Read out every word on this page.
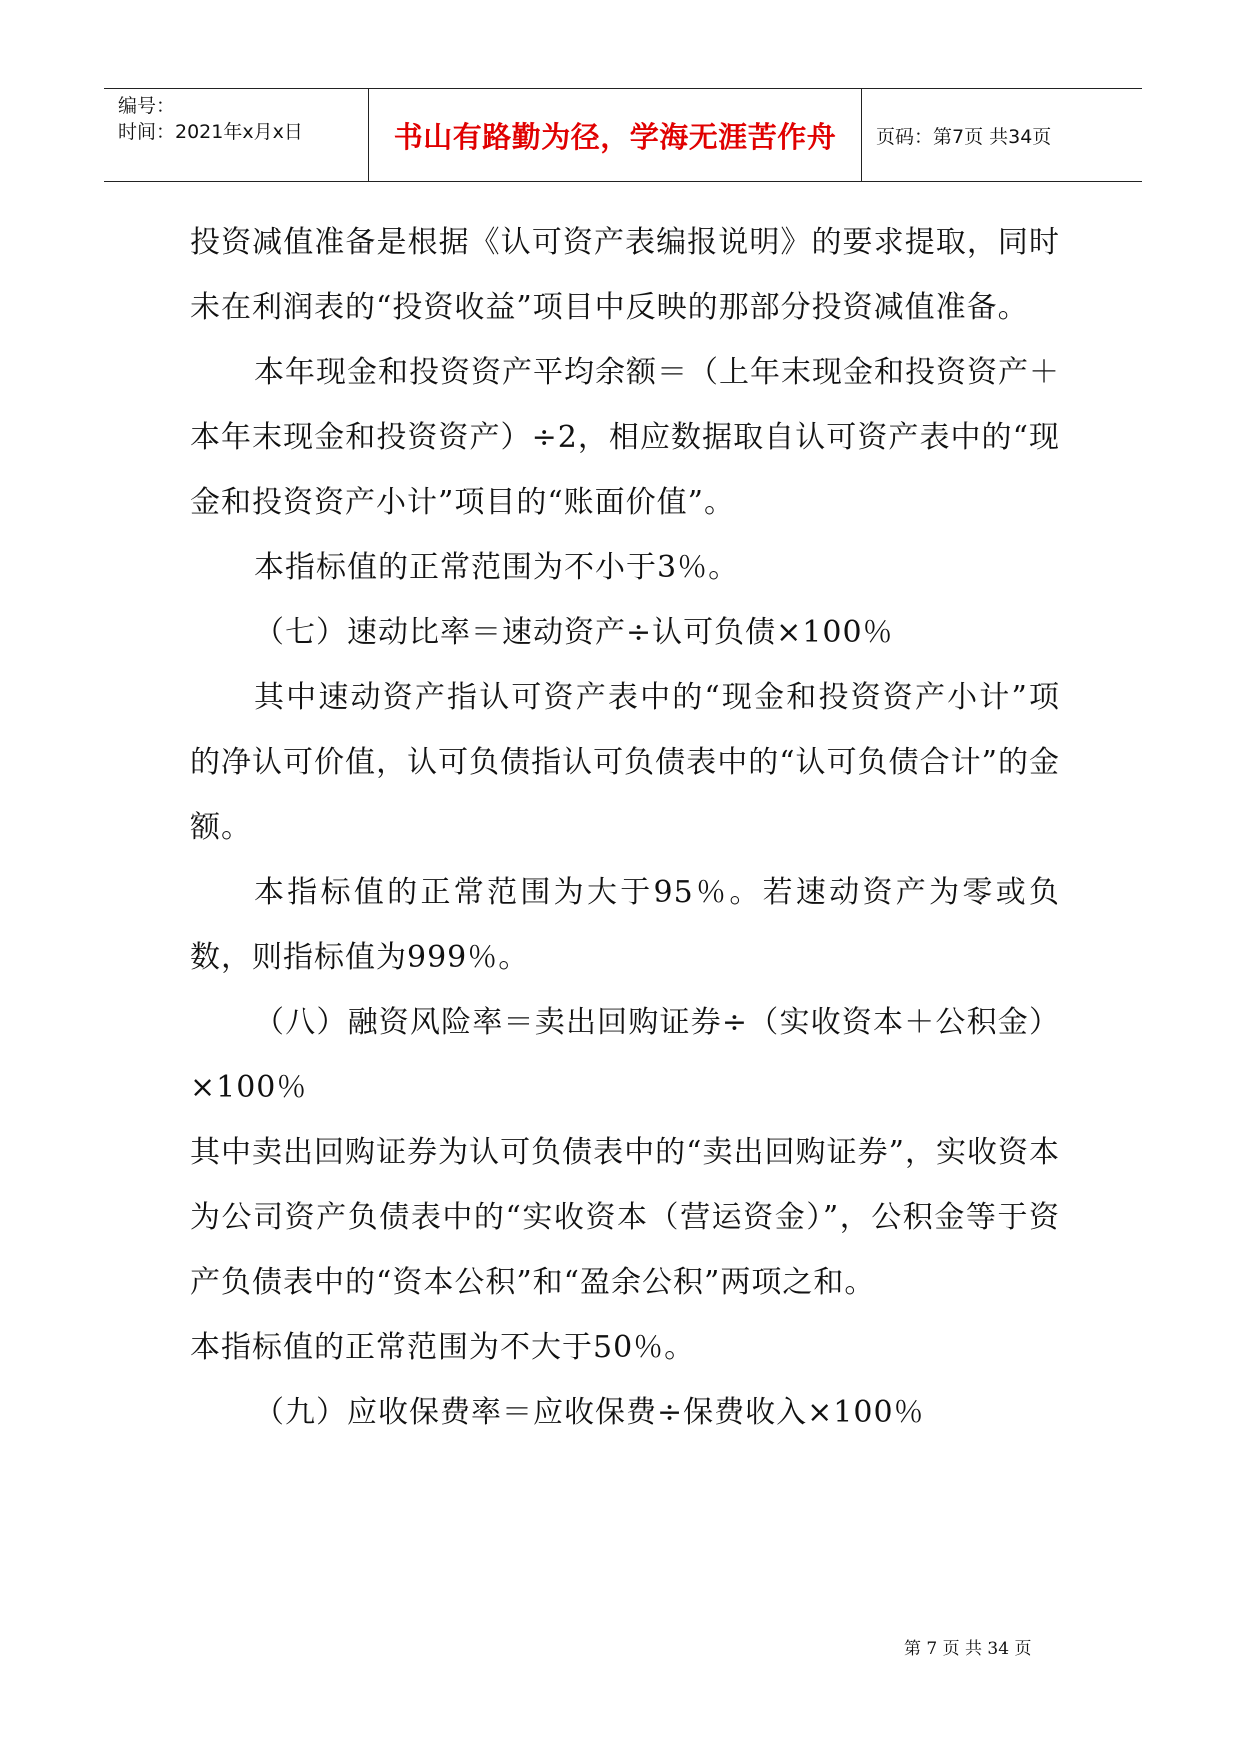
编号：
时间：2021年x月x日	书山有路勤为径，学海无涯苦作舟 页码：第7页 共34页

投资减值准备是根据《认可资产表编报说明》的要求提取，同时未在利润表的“投资收益”项目中反映的那部分投资减值准备。

本年现金和投资资产平均余额＝（上年末现金和投资资产＋本年末现金和投资资产）÷2，相应数据取自认可资产表中的“现金和投资资产小计”项目的“账面价值”。

本指标值的正常范围为不小于3％。

（七）速动比率＝速动资产÷认可负债×100％

其中速动资产指认可资产表中的“现金和投资资产小计”项的净认可价值，认可负债指认可负债表中的“认可负债合计”的金额。

本指标值的正常范围为大于95％。若速动资产为零或负数，则指标值为999％。

（八）融资风险率＝卖出回购证券÷（实收资本＋公积金）×100％

其中卖出回购证券为认可负债表中的“卖出回购证券”，实收资本为公司资产负债表中的“实收资本（营运资金）”，公积金等于资产负债表中的“资本公积”和“盈余公积”两项之和。

本指标值的正常范围为不大于50％。

（九）应收保费率＝应收保费÷保费收入×100％

第 7 页 共 34 页
